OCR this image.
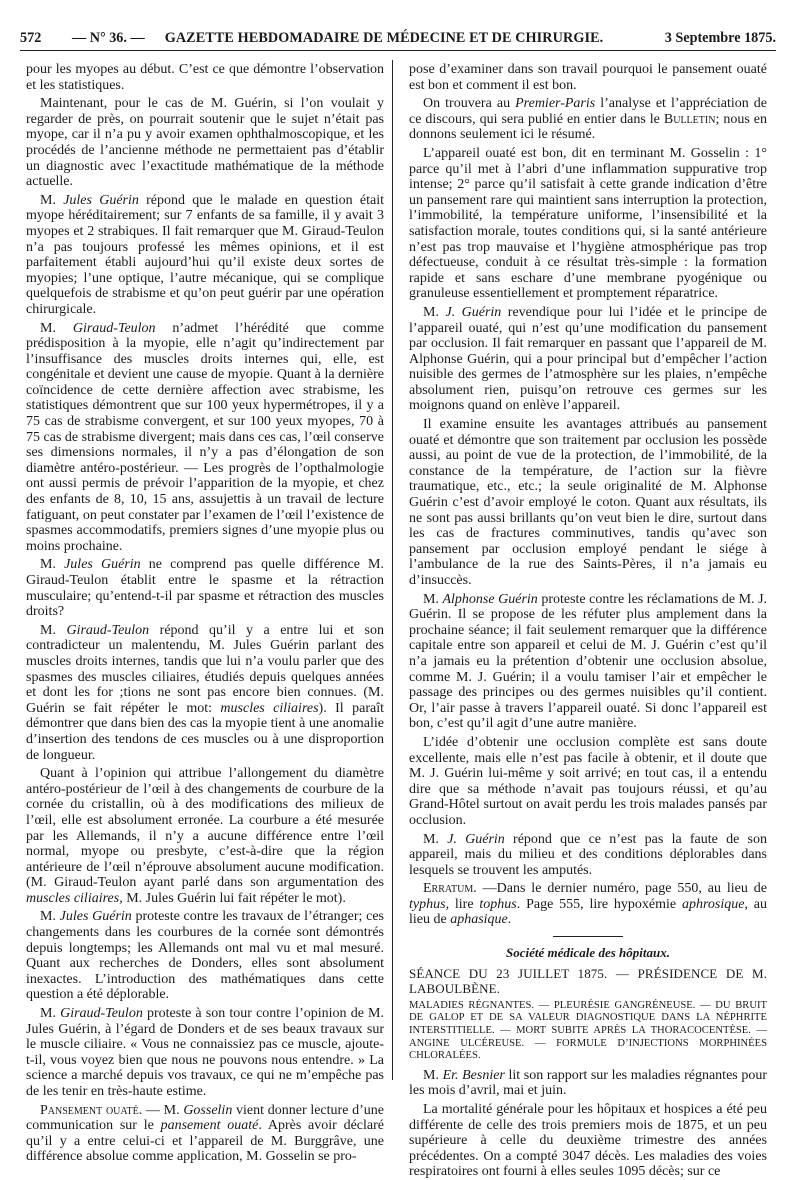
572	— N° 36. —	GAZETTE HEBDOMADAIRE DE MÉDECINE ET DE CHIRURGIE.	3 Septembre 1875.

pour les myopes au début. C’est ce que démontre l’observation et les statistiques.

Maintenant, pour le cas de M. Guérin, si l’on voulait y regarder de près, on pourrait soutenir que le sujet n’était pas myope, car il n’a pu y avoir examen ophthalmoscopique, et les procédés de l’ancienne méthode ne permettaient pas d’établir un diagnostic avec l’exactitude mathématique de la méthode actuelle.

M. Jules Guérin répond que le malade en question était myope héréditairement; sur 7 enfants de sa famille, il y avait 3 myopes et 2 strabiques. Il fait remarquer que M. Giraud-Teulon n’a pas toujours professé les mêmes opinions, et il est parfaitement établi aujourd’hui qu’il existe deux sortes de myopies; l’une optique, l’autre mécanique, qui se complique quelquefois de strabisme et qu’on peut guérir par une opération chirurgicale.

M. Giraud-Teulon n’admet l’hérédité que comme prédisposition à la myopie, elle n’agit qu’indirectement par l’insuffisance des muscles droits internes qui, elle, est congénitale et devient une cause de myopie. Quant à la dernière coïncidence de cette dernière affection avec strabisme, les statistiques démontrent que sur 100 yeux hypermétropes, il y a 75 cas de strabisme convergent, et sur 100 yeux myopes, 70 à 75 cas de strabisme divergent; mais dans ces cas, l’œil conserve ses dimensions normales, il n’y a pas d’élongation de son diamètre antéro-postérieur. — Les progrès de l’opthalmologie ont aussi permis de prévoir l’apparition de la myopie, et chez des enfants de 8, 10, 15 ans, assujettis à un travail de lecture fatiguant, on peut constater par l’examen de l’œil l’existence de spasmes accommodatifs, premiers signes d’une myopie plus ou moins prochaine.

M. Jules Guérin ne comprend pas quelle différence M. Giraud-Teulon établit entre le spasme et la rétraction musculaire; qu’entend-t-il par spasme et rétraction des muscles droits?

M. Giraud-Teulon répond qu’il y a entre lui et son contradicteur un malentendu, M. Jules Guérin parlant des muscles droits internes, tandis que lui n’a voulu parler que des spasmes des muscles ciliaires, étudiés depuis quelques années et dont les for ;tions ne sont pas encore bien connues. (M. Guérin se fait répéter le mot: muscles ciliaires). Il paraît démontrer que dans bien des cas la myopie tient à une anomalie d’insertion des tendons de ces muscles ou à une disproportion de longueur.

Quant à l’opinion qui attribue l’allongement du diamètre antéro-postérieur de l’œil à des changements de courbure de la cornée du cristallin, où à des modifications des milieux de l’œil, elle est absolument erronée. La courbure a été mesurée par les Allemands, il n’y a aucune différence entre l’œil normal, myope ou presbyte, c’est-à-dire que la région antérieure de l’œil n’éprouve absolument aucune modification. (M. Giraud-Teulon ayant parlé dans son argumentation des muscles ciliaires, M. Jules Guérin lui fait répéter le mot).

M. Jules Guérin proteste contre les travaux de l’étranger; ces changements dans les courbures de la cornée sont démontrés depuis longtemps; les Allemands ont mal vu et mal mesuré. Quant aux recherches de Donders, elles sont absolument inexactes. L’introduction des mathématiques dans cette question a été déplorable.

M. Giraud-Teulon proteste à son tour contre l’opinion de M. Jules Guérin, à l’égard de Donders et de ses beaux travaux sur le muscle ciliaire. « Vous ne connaissiez pas ce muscle, ajoute-t-il, vous voyez bien que nous ne pouvons nous entendre. » La science a marché depuis vos travaux, ce qui ne m’empêche pas de les tenir en très-haute estime.

Pansement ouaté. — M. Gosselin vient donner lecture d’une communication sur le pansement ouaté. Après avoir déclaré qu’il y a entre celui-ci et l’appareil de M. Burggrâve, une différence absolue comme application, M. Gosselin se pro-

pose d’examiner dans son travail pourquoi le pansement ouaté est bon et comment il est bon.

On trouvera au Premier-Paris l’analyse et l’appréciation de ce discours, qui sera publié en entier dans le Bulletin; nous en donnons seulement ici le résumé.

L’appareil ouaté est bon, dit en terminant M. Gosselin : 1° parce qu’il met à l’abri d’une inflammation suppurative trop intense; 2° parce qu’il satisfait à cette grande indication d’être un pansement rare qui maintient sans interruption la protection, l’immobilité, la température uniforme, l’insensibilité et la satisfaction morale, toutes conditions qui, si la santé antérieure n’est pas trop mauvaise et l’hygiène atmosphérique pas trop défectueuse, conduit à ce résultat très-simple : la formation rapide et sans eschare d’une membrane pyogénique ou granuleuse essentiellement et promptement réparatrice.

M. J. Guérin revendique pour lui l’idée et le principe de l’appareil ouaté, qui n’est qu’une modification du pansement par occlusion. Il fait remarquer en passant que l’appareil de M. Alphonse Guérin, qui a pour principal but d’empêcher l’action nuisible des germes de l’atmosphère sur les plaies, n’empêche absolument rien, puisqu’on retrouve ces germes sur les moignons quand on enlève l’appareil.

Il examine ensuite les avantages attribués au pansement ouaté et démontre que son traitement par occlusion les possède aussi, au point de vue de la protection, de l’immobilité, de la constance de la température, de l’action sur la fièvre traumatique, etc., etc.; la seule originalité de M. Alphonse Guérin c’est d’avoir employé le coton. Quant aux résultats, ils ne sont pas aussi brillants qu’on veut bien le dire, surtout dans les cas de fractures comminutives, tandis qu’avec son pansement par occlusion employé pendant le siége à l’ambulance de la rue des Saints-Pères, il n’a jamais eu d’insuccès.

M. Alphonse Guérin proteste contre les réclamations de M. J. Guérin. Il se propose de les réfuter plus amplement dans la prochaine séance; il fait seulement remarquer que la différence capitale entre son appareil et celui de M. J. Guérin c’est qu’il n’a jamais eu la prétention d’obtenir une occlusion absolue, comme M. J. Guérin; il a voulu tamiser l’air et empêcher le passage des principes ou des germes nuisibles qu’il contient. Or, l’air passe à travers l’appareil ouaté. Si donc l’appareil est bon, c’est qu’il agit d’une autre manière.

L’idée d’obtenir une occlusion complète est sans doute excellente, mais elle n’est pas facile à obtenir, et il doute que M. J. Guérin lui-même y soit arrivé; en tout cas, il a entendu dire que sa méthode n’avait pas toujours réussi, et qu’au Grand-Hôtel surtout on avait perdu les trois malades pansés par occlusion.

M. J. Guérin répond que ce n’est pas la faute de son appareil, mais du milieu et des conditions déplorables dans lesquels se trouvent les amputés.

Erratum. —Dans le dernier numéro, page 550, au lieu de typhus, lire tophus. Page 555, lire hypoxémie aphrosique, au lieu de aphasique.

Société médicale des hôpitaux.

SÉANCE DU 23 JUILLET 1875. — PRÉSIDENCE DE M. LABOULBÈNE.

MALADIES RÉGNANTES. — PLEURÉSIE GANGRÉNEUSE. — DU BRUIT DE GALOP ET DE SA VALEUR DIAGNOSTIQUE DANS LA NÉPHRITE INTERSTITIELLE. — MORT SUBITE APRÈS LA THORACOCENTÈSE. — ANGINE ULCÉREUSE. — FORMULE D’INJECTIONS MORPHINÉES CHLORALÉES.

M. Er. Besnier lit son rapport sur les maladies régnantes pour les mois d’avril, mai et juin.

La mortalité générale pour les hôpitaux et hospices a été peu différente de celle des trois premiers mois de 1875, et un peu supérieure à celle du deuxième trimestre des années précédentes. On a compté 3047 décès. Les maladies des voies respiratoires ont fourni à elles seules 1095 décès; sur ce
